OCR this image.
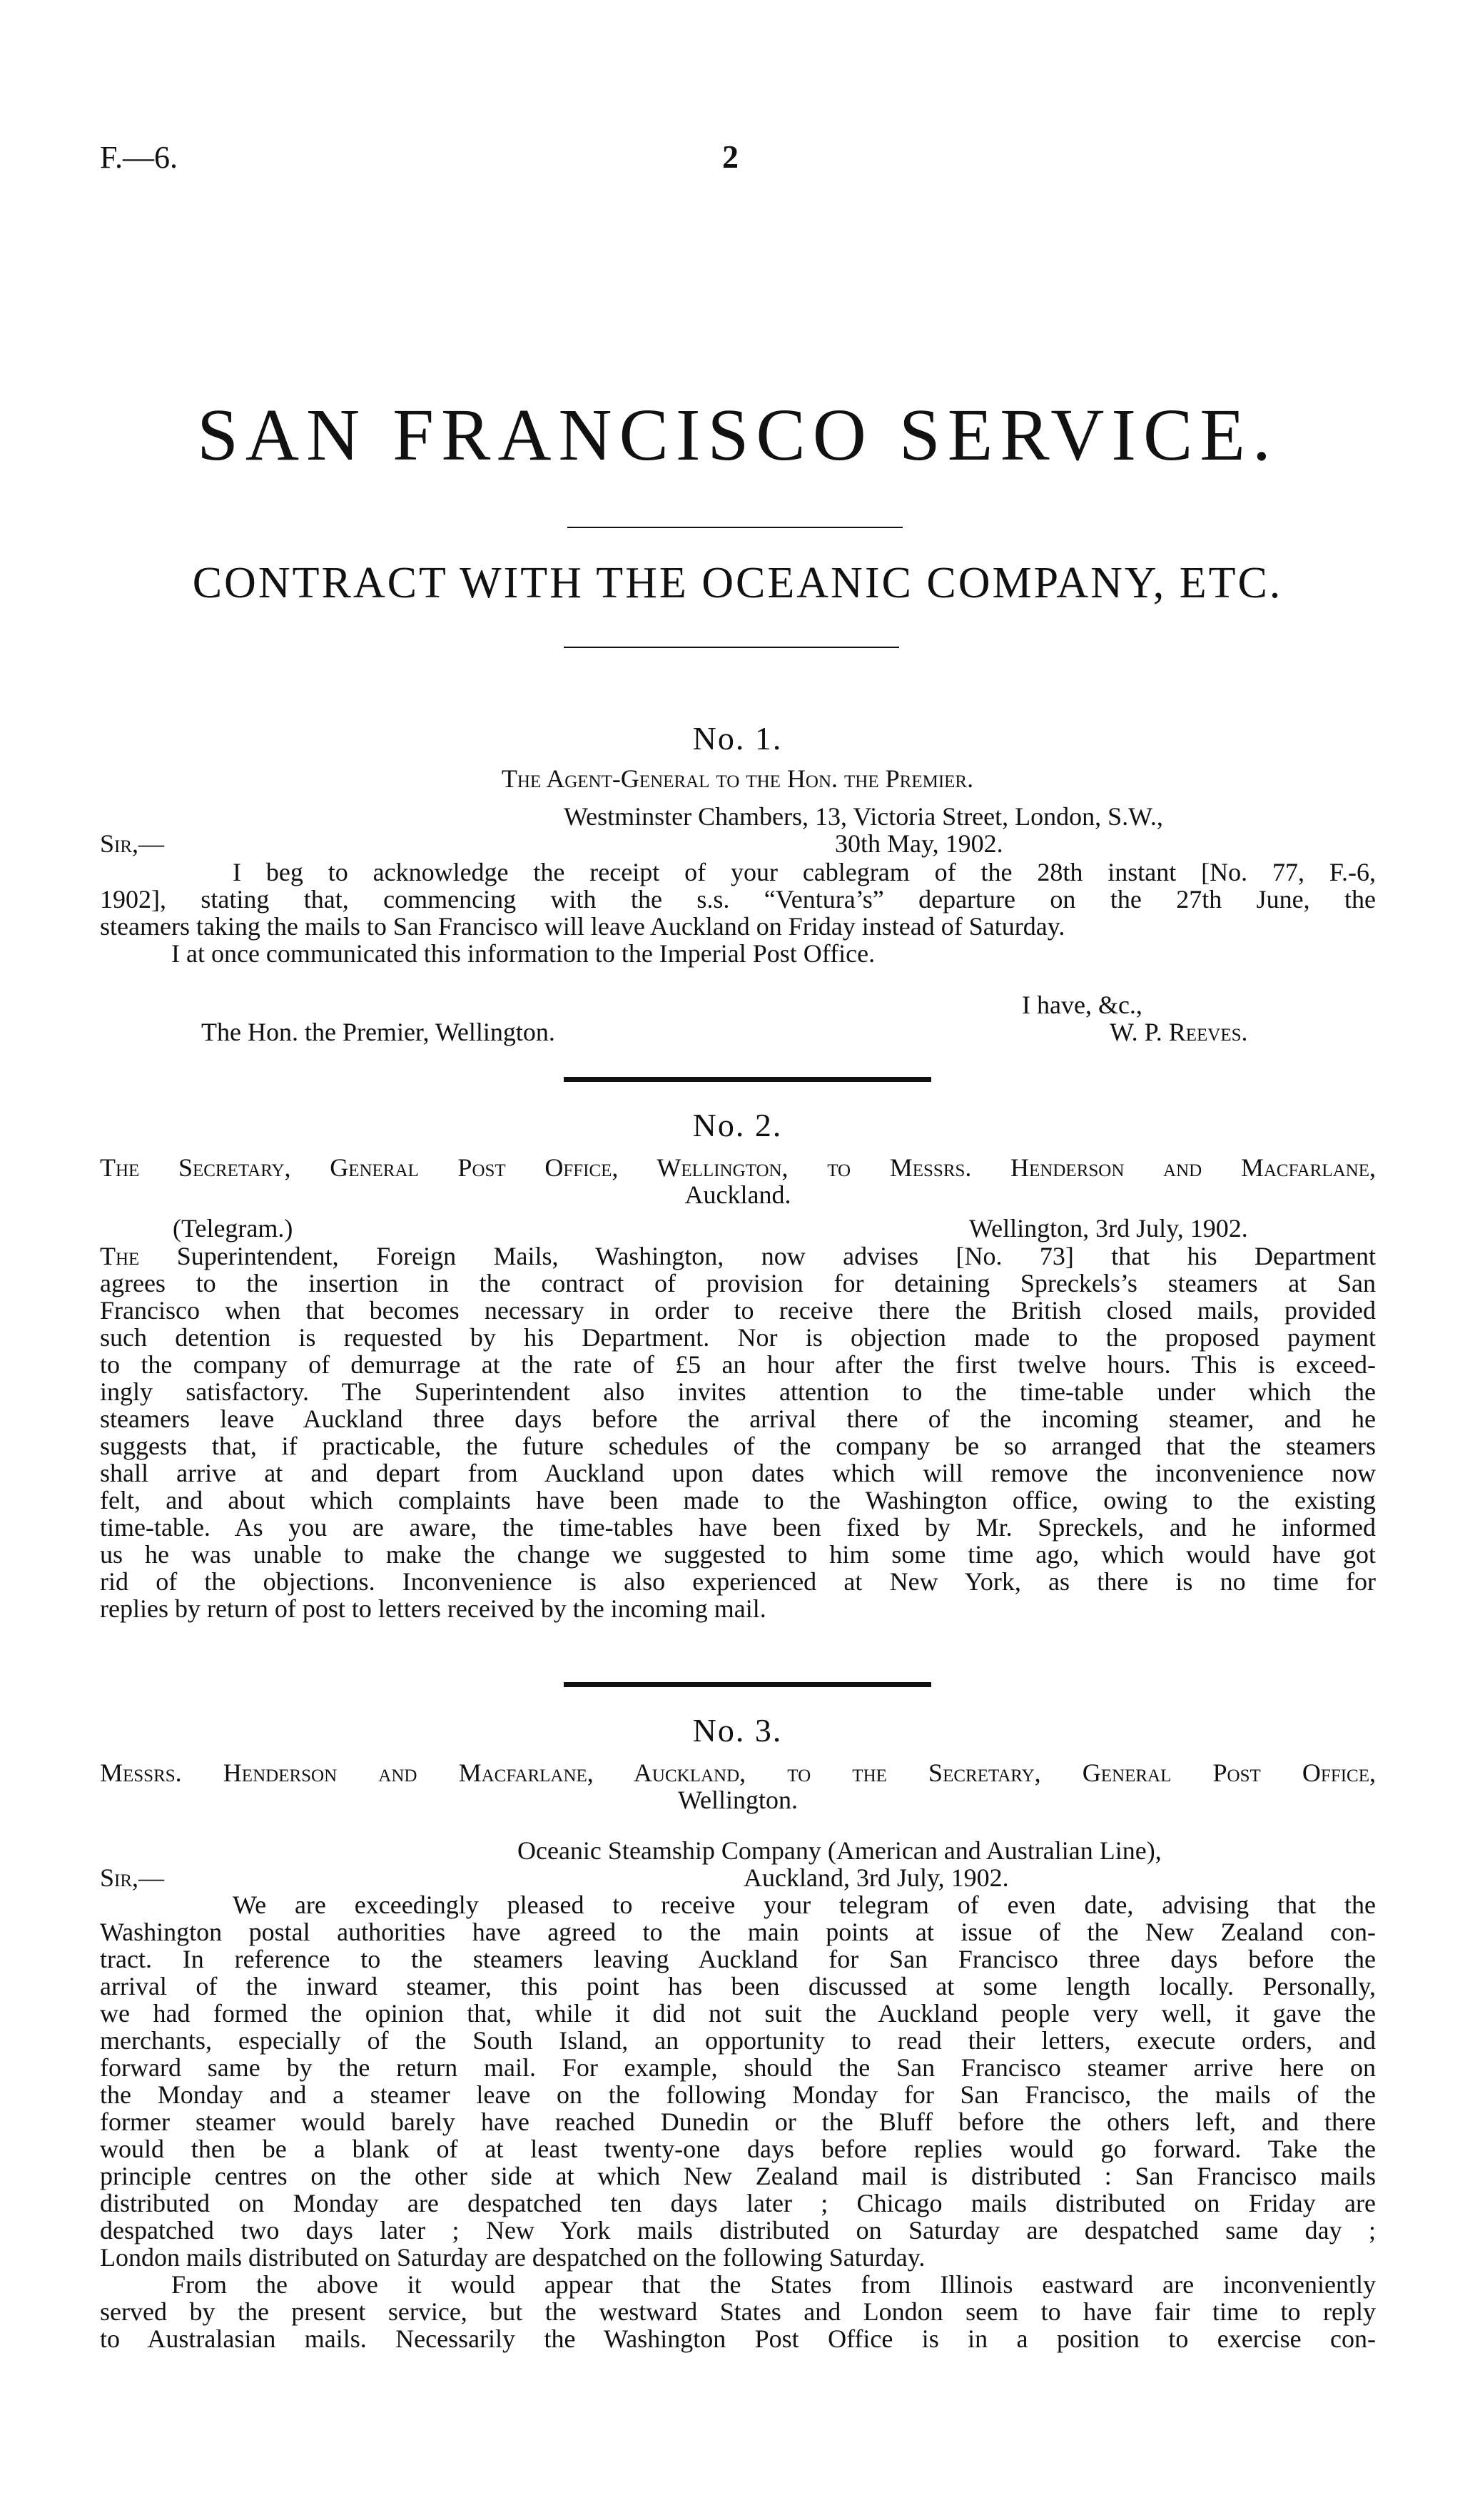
F.—6.	2
SAN FRANCISCO SERVICE.
CONTRACT WITH THE OCEANIC COMPANY, ETC.
No. 1.
The Agent-General to the Hon. the Premier.
Westminster Chambers, 13, Victoria Street, London, S.W.,
Sir,—	30th May, 1902.

I beg to acknowledge the receipt of your cablegram of the 28th instant [No. 77, F.-6,

1902], stating that, commencing with the s.s. “Ventura’s” departure on the 27th June, the

steamers taking the mails to San Francisco will leave Auckland on Friday instead of Saturday.

I at once communicated this information to the Imperial Post Office.

I have, &c.,
The Hon. the Premier, Wellington.	W. P. Reeves.
No. 2.

The Secretary, General Post Office, Wellington, to Messrs. Henderson and Macfarlane,

Auckland.

(Telegram.)	Wellington, 3rd July, 1902.

The Superintendent, Foreign Mails, Washington, now advises [No. 73] that his Department

agrees to the insertion in the contract of provision for detaining Spreckels’s steamers at San

Francisco when that becomes necessary in order to receive there the British closed mails, provided

such detention is requested by his Department. Nor is objection made to the proposed payment

to the company of demurrage at the rate of £5 an hour after the first twelve hours. This is exceed-

ingly satisfactory. The Superintendent also invites attention to the time-table under which the

steamers leave Auckland three days before the arrival there of the incoming steamer, and he

suggests that, if practicable, the future schedules of the company be so arranged that the steamers

shall arrive at and depart from Auckland upon dates which will remove the inconvenience now

felt, and about which complaints have been made to the Washington office, owing to the existing

time-table. As you are aware, the time-tables have been fixed by Mr. Spreckels, and he informed

us he was unable to make the change we suggested to him some time ago, which would have got

rid of the objections. Inconvenience is also experienced at New York, as there is no time for

replies by return of post to letters received by the incoming mail.

No. 3.

Messrs. Henderson and Macfarlane, Auckland, to the Secretary, General Post Office,

Wellington.

Oceanic Steamship Company (American and Australian Line),
Sir,—	Auckland, 3rd July, 1902.

We are exceedingly pleased to receive your telegram of even date, advising that the

Washington postal authorities have agreed to the main points at issue of the New Zealand con-

tract. In reference to the steamers leaving Auckland for San Francisco three days before the

arrival of the inward steamer, this point has been discussed at some length locally. Personally,

we had formed the opinion that, while it did not suit the Auckland people very well, it gave the

merchants, especially of the South Island, an opportunity to read their letters, execute orders, and

forward same by the return mail. For example, should the San Francisco steamer arrive here on

the Monday and a steamer leave on the following Monday for San Francisco, the mails of the

former steamer would barely have reached Dunedin or the Bluff before the others left, and there

would then be a blank of at least twenty-one days before replies would go forward. Take the

principle centres on the other side at which New Zealand mail is distributed : San Francisco mails

distributed on Monday are despatched ten days later ; Chicago mails distributed on Friday are

despatched two days later ; New York mails distributed on Saturday are despatched same day ;

London mails distributed on Saturday are despatched on the following Saturday.

From the above it would appear that the States from Illinois eastward are inconveniently

served by the present service, but the westward States and London seem to have fair time to reply

to Australasian mails. Necessarily the Washington Post Office is in a position to exercise con-
